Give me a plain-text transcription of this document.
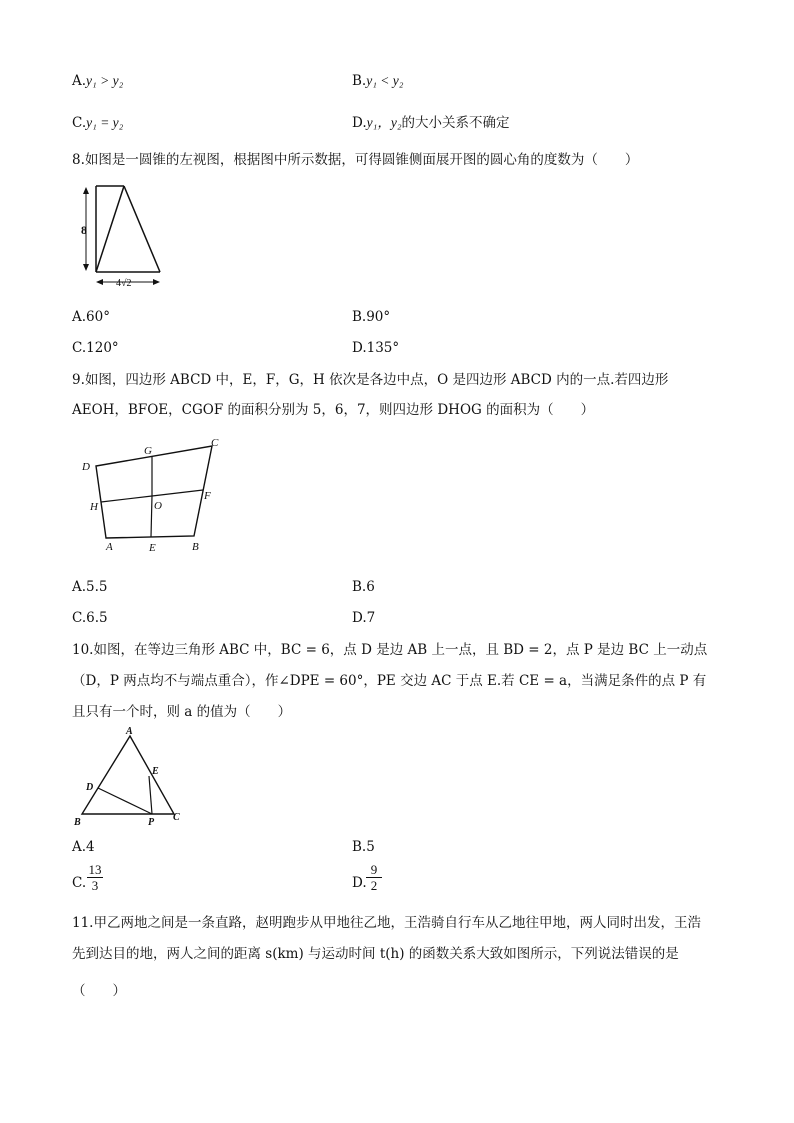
A.y₁ > y₂	B.y₁ < y₂
C.y₁ = y₂	D.y₁，y₂的大小关系不确定
8.如图是一圆锥的左视图，根据图中所示数据，可得圆锥侧面展开图的圆心角的度数为（　　）
8
4√2
A.60°	B.90°
C.120°	D.135°
9.如图，四边形 ABCD 中，E，F，G，H 依次是各边中点，O 是四边形 ABCD 内的一点.若四边形
AEOH，BFOE，CGOF 的面积分别为 5，6，7，则四边形 DHOG 的面积为（　　）
D
G
C
H	O
F
A	E	B
A.5.5	B.6
C.6.5	D.7
10.如图，在等边三角形 ABC 中，BC = 6，点 D 是边 AB 上一点，且 BD = 2，点 P 是边 BC 上一动点
（D，P 两点均不与端点重合），作∠DPE = 60°，PE 交边 AC 于点 E.若 CE = a，当满足条件的点 P 有
且只有一个时，则 a 的值为（　　）
A
E
D
B	P C
A.4	B.5
C. $\frac{13}{3}$	D. $\frac{9}{2}$
11.甲乙两地之间是一条直路，赵明跑步从甲地往乙地，王浩骑自行车从乙地往甲地，两人同时出发，王浩
先到达目的地，两人之间的距离 s(km) 与运动时间 t(h) 的函数关系大致如图所示，下列说法错误的是
（　　）
